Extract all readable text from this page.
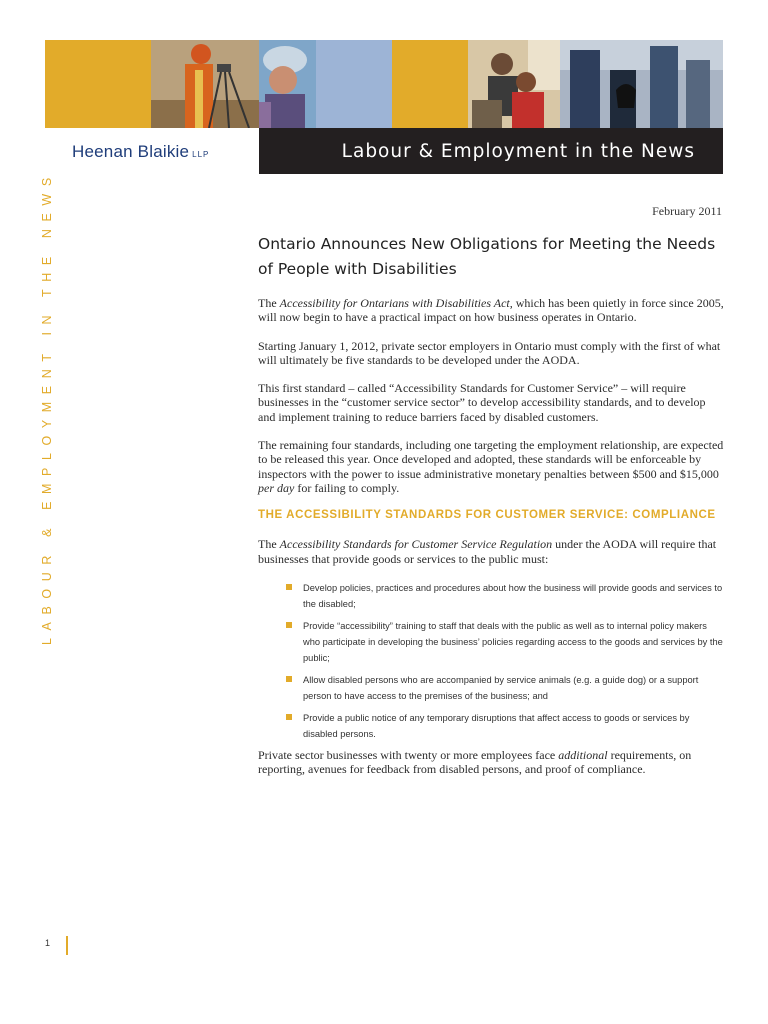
Heenan Blaikie LLP	Labour & Employment in the News
February 2011
LABOUR & EMPLOYMENT IN THE NEWS	Ontario Announces New Obligations for Meeting the Needs of People with Disabilities

The Accessibility for Ontarians with Disabilities Act, which has been quietly in force since 2005, will now begin to have a practical impact on how business operates in Ontario.

Starting January 1, 2012, private sector employers in Ontario must comply with the first of what will ultimately be five standards to be developed under the AODA.

This first standard – called “Accessibility Standards for Customer Service” – will require businesses in the “customer service sector” to develop accessibility standards, and to develop and implement training to reduce barriers faced by disabled customers.

The remaining four standards, including one targeting the employment relationship, are expected to be released this year. Once developed and adopted, these standards will be enforceable by inspectors with the power to issue administrative monetary penalties between $500 and $15,000 per day for failing to comply.

THE ACCESSIBILITY STANDARDS FOR CUSTOMER SERVICE: COMPLIANCE

The Accessibility Standards for Customer Service Regulation under the AODA will require that businesses that provide goods or services to the public must:

Develop policies, practices and procedures about how the business will provide goods and services to the disabled;
Provide “accessibility” training to staff that deals with the public as well as to internal policy makers who participate in developing the business’ policies regarding access to the goods and services by the public;
Allow disabled persons who are accompanied by service animals (e.g. a guide dog) or a support person to have access to the premises of the business; and
Provide a public notice of any temporary disruptions that affect access to goods or services by disabled persons.

Private sector businesses with twenty or more employees face additional requirements, on reporting, avenues for feedback from disabled persons, and proof of compliance.

1
